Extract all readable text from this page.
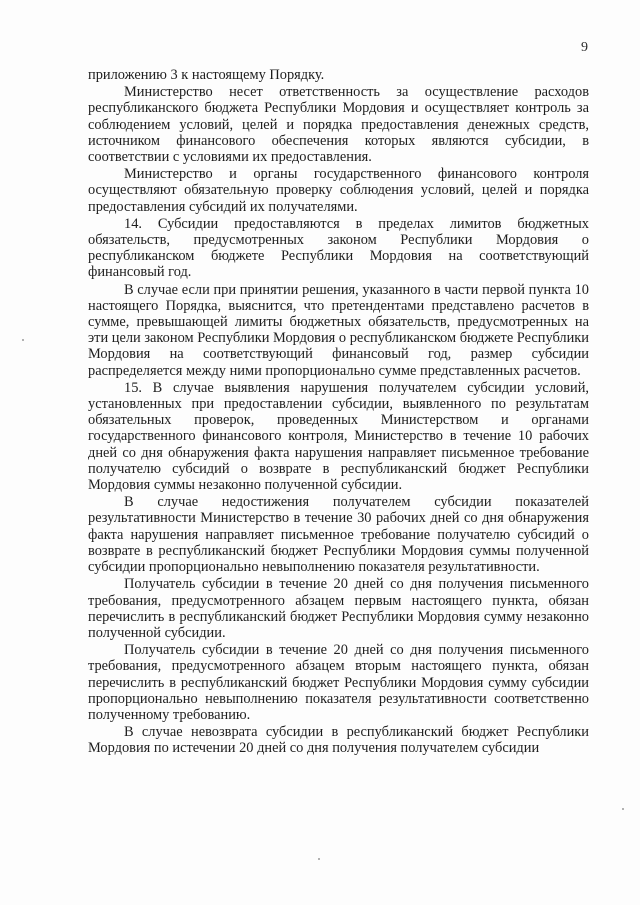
9

приложению 3 к настоящему Порядку.

Министерство несет ответственность за осуществление расходов республиканского бюджета Республики Мордовия и осуществляет контроль за соблюдением условий, целей и порядка предоставления денежных средств, источником финансового обеспечения которых являются субсидии, в соответствии с условиями их предоставления.

Министерство и органы государственного финансового контроля осуществляют обязательную проверку соблюдения условий, целей и порядка предоставления субсидий их получателями.

14. Субсидии предоставляются в пределах лимитов бюджетных обязательств, предусмотренных законом Республики Мордовия о республиканском бюджете Республики Мордовия на соответствующий финансовый год.

В случае если при принятии решения, указанного в части первой пункта 10 настоящего Порядка, выяснится, что претендентами представлено расчетов в сумме, превышающей лимиты бюджетных обязательств, предусмотренных на эти цели законом Республики Мордовия о республиканском бюджете Республики Мордовия на соответствующий финансовый год, размер субсидии распределяется между ними пропорционально сумме представленных расчетов.

15. В случае выявления нарушения получателем субсидии условий, установленных при предоставлении субсидии, выявленного по результатам обязательных проверок, проведенных Министерством и органами государственного финансового контроля, Министерство в течение 10 рабочих дней со дня обнаружения факта нарушения направляет письменное требование получателю субсидий о возврате в республиканский бюджет Республики Мордовия суммы незаконно полученной субсидии.

В случае недостижения получателем субсидии показателей результативности Министерство в течение 30 рабочих дней со дня обнаружения факта нарушения направляет письменное требование получателю субсидий о возврате в республиканский бюджет Республики Мордовия суммы полученной субсидии пропорционально невыполнению показателя результативности.

Получатель субсидии в течение 20 дней со дня получения письменного требования, предусмотренного абзацем первым настоящего пункта, обязан перечислить в республиканский бюджет Республики Мордовия сумму незаконно полученной субсидии.

Получатель субсидии в течение 20 дней со дня получения письменного требования, предусмотренного абзацем вторым настоящего пункта, обязан перечислить в республиканский бюджет Республики Мордовия сумму субсидии пропорционально невыполнению показателя результативности соответственно полученному требованию.

В случае невозврата субсидии в республиканский бюджет Республики Мордовия по истечении 20 дней со дня получения получателем субсидии
